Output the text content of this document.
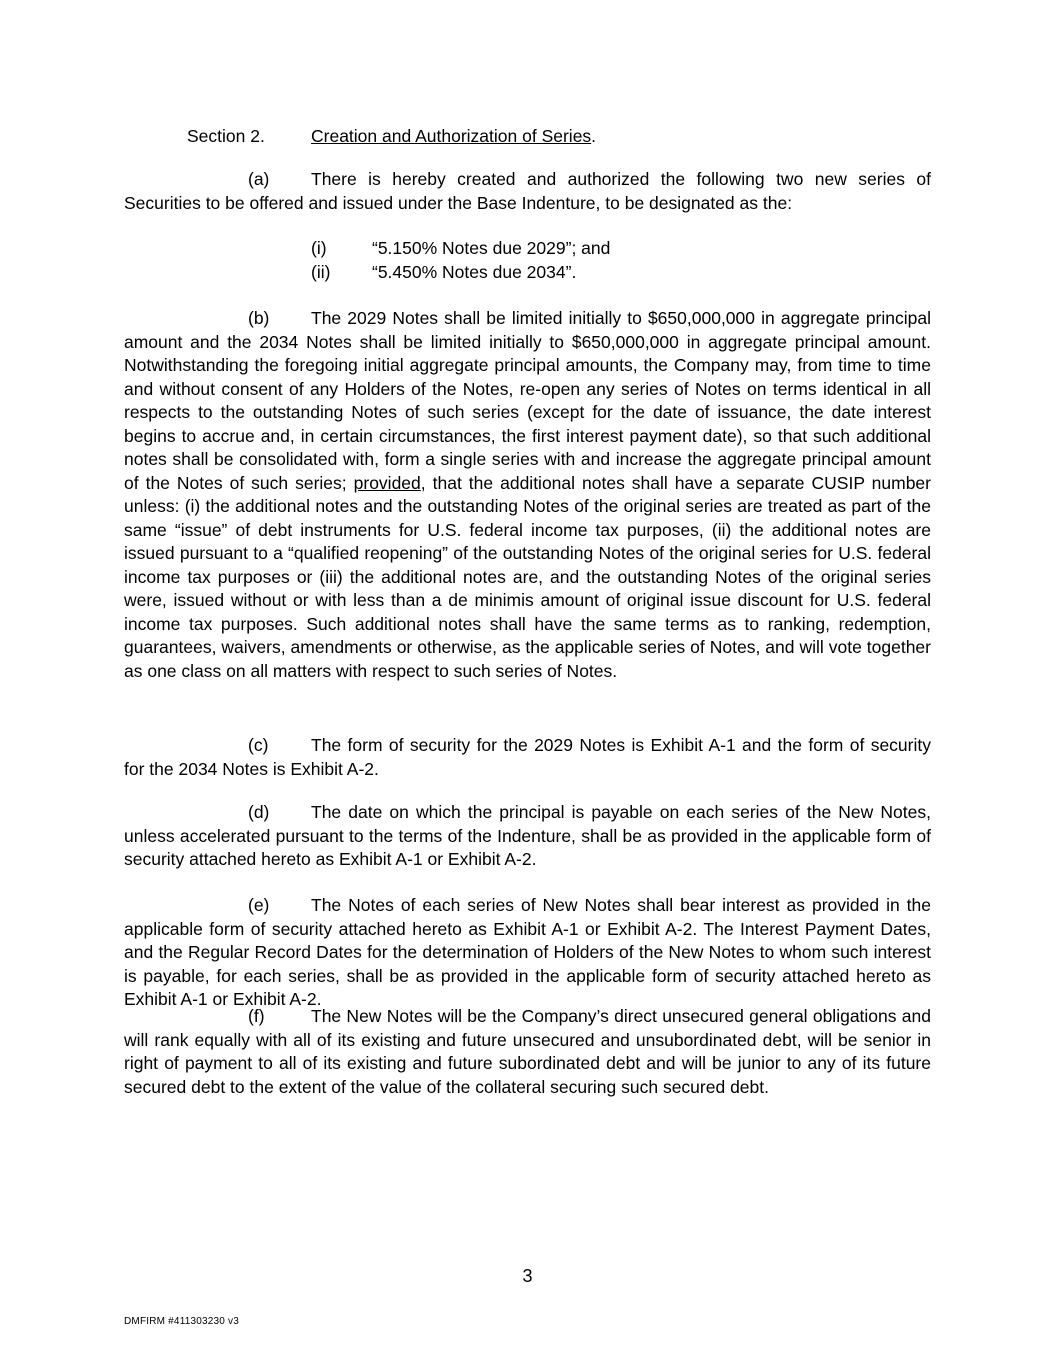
Section 2.	Creation and Authorization of Series.

(a) There is hereby created and authorized the following two new series of Securities to be offered and issued under the Base Indenture, to be designated as the:

(i)	“5.150% Notes due 2029”; and
(ii) “5.450% Notes due 2034”.

(b) The 2029 Notes shall be limited initially to $650,000,000 in aggregate principal amount and the 2034 Notes shall be limited initially to $650,000,000 in aggregate principal amount. Notwithstanding the foregoing initial aggregate principal amounts, the Company may, from time to time and without consent of any Holders of the Notes, re-open any series of Notes on terms identical in all respects to the outstanding Notes of such series (except for the date of issuance, the date interest begins to accrue and, in certain circumstances, the first interest payment date), so that such additional notes shall be consolidated with, form a single series with and increase the aggregate principal amount of the Notes of such series; provided, that the additional notes shall have a separate CUSIP number unless: (i) the additional notes and the outstanding Notes of the original series are treated as part of the same “issue” of debt instruments for U.S. federal income tax purposes, (ii) the additional notes are issued pursuant to a “qualified reopening” of the outstanding Notes of the original series for U.S. federal income tax purposes or (iii) the additional notes are, and the outstanding Notes of the original series were, issued without or with less than a de minimis amount of original issue discount for U.S. federal income tax purposes. Such additional notes shall have the same terms as to ranking, redemption, guarantees, waivers, amendments or otherwise, as the applicable series of Notes, and will vote together as one class on all matters with respect to such series of Notes.

(c) The form of security for the 2029 Notes is Exhibit A-1 and the form of security for the 2034 Notes is Exhibit A-2.

(d) The date on which the principal is payable on each series of the New Notes, unless accelerated pursuant to the terms of the Indenture, shall be as provided in the applicable form of security attached hereto as Exhibit A-1 or Exhibit A-2.

(e) The Notes of each series of New Notes shall bear interest as provided in the applicable form of security attached hereto as Exhibit A-1 or Exhibit A-2. The Interest Payment Dates, and the Regular Record Dates for the determination of Holders of the New Notes to whom such interest is payable, for each series, shall be as provided in the applicable form of security attached hereto as Exhibit A-1 or Exhibit A-2.

(f)	The New Notes will be the Company’s direct unsecured general obligations and will rank equally with all of its existing and future unsecured and unsubordinated debt, will be senior in right of payment to all of its existing and future subordinated debt and will be junior to any of its future secured debt to the extent of the value of the collateral securing such secured debt.

3
DMFIRM #411303230 v3
